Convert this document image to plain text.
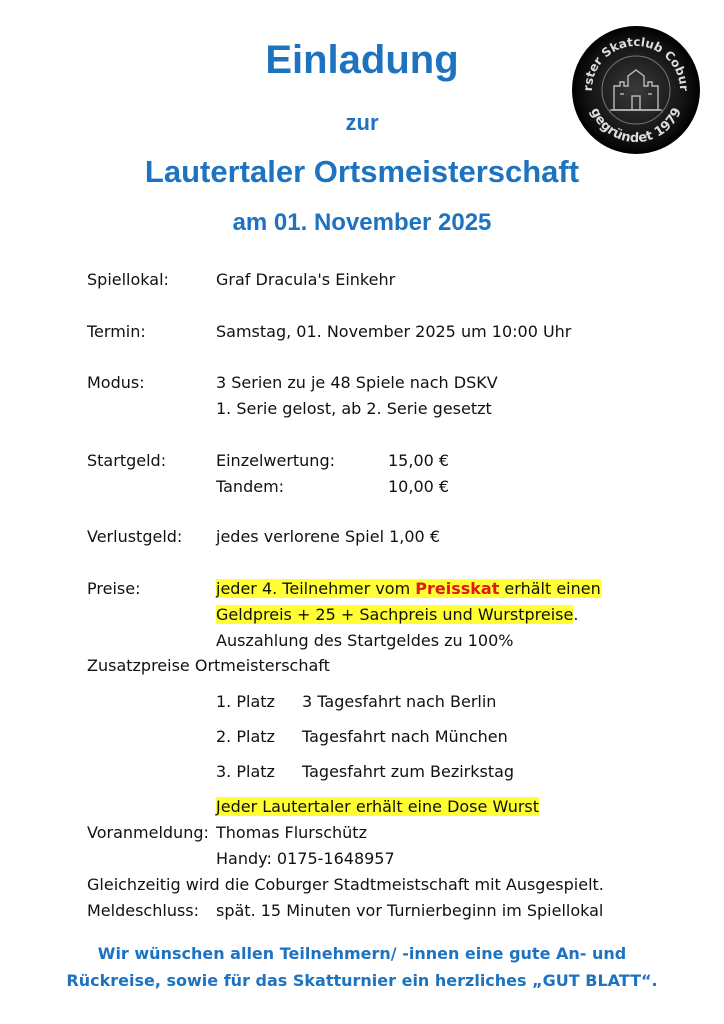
Einladung
zur
Lautertaler Ortsmeisterschaft
am 01. November 2025
rster Skatclub Cobur
gegründet 1979
Spiellokal:	Graf Dracula's Einkehr
Termin:	Samstag, 01. November 2025 um 10:00 Uhr
Modus:	3 Serien zu je 48 Spiele nach DSKV
1. Serie gelost, ab 2. Serie gesetzt
Startgeld:	Einzelwertung:	15,00 €
Tandem:	10,00 €
Verlustgeld: jedes verlorene Spiel 1,00 €
Preise:	jeder 4. Teilnehmer vom Preisskat erhält einen
Geldpreis + 25 + Sachpreis und Wurstpreise.
Auszahlung des Startgeldes zu 100%
Zusatzpreise Ortmeisterschaft
1. Platz 3 Tagesfahrt nach Berlin
2. Platz Tagesfahrt nach München
3. Platz Tagesfahrt zum Bezirkstag
Jeder Lautertaler erhält eine Dose Wurst
Voranmeldung: Thomas Flurschütz
Handy: 0175-1648957
Gleichzeitig wird die Coburger Stadtmeistschaft mit Ausgespielt.
Meldeschluss: spät. 15 Minuten vor Turnierbeginn im Spiellokal
Wir wünschen allen Teilnehmern/ -innen eine gute An- und
Rückreise, sowie für das Skatturnier ein herzliches „GUT BLATT“.
